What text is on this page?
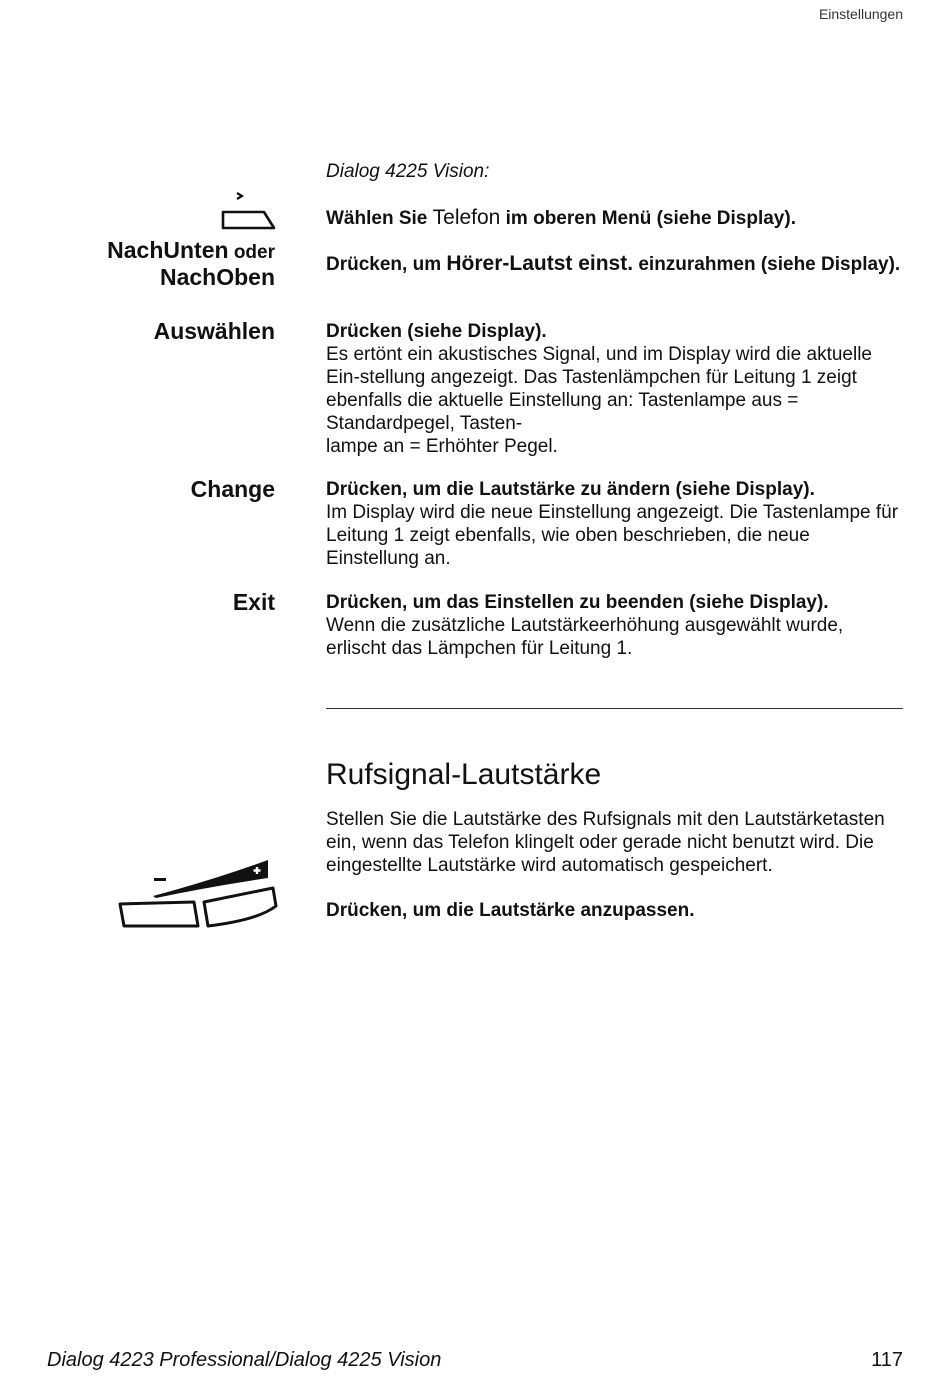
Einstellungen
Dialog 4225 Vision:
Wählen Sie Telefon im oberen Menü (siehe Display).
NachUnten oder
NachOben	Drücken, um Hörer-Lautst einst. einzurahmen (siehe Display).
Auswählen	Drücken (siehe Display).
Es ertönt ein akustisches Signal, und im Display wird die aktuelle Ein-stellung angezeigt. Das Tastenlämpchen für Leitung 1 zeigt ebenfalls die aktuelle Einstellung an: Tastenlampe aus = Standardpegel, Tasten-
lampe an = Erhöhter Pegel.
Change	Drücken, um die Lautstärke zu ändern (siehe Display).
Im Display wird die neue Einstellung angezeigt. Die Tastenlampe für Leitung 1 zeigt ebenfalls, wie oben beschrieben, die neue Einstellung an.
Exit	Drücken, um das Einstellen zu beenden (siehe Display).
Wenn die zusätzliche Lautstärkeerhöhung ausgewählt wurde, erlischt das Lämpchen für Leitung 1.
Rufsignal-Lautstärke
Stellen Sie die Lautstärke des Rufsignals mit den Lautstärketasten ein, wenn das Telefon klingelt oder gerade nicht benutzt wird. Die eingestellte Lautstärke wird automatisch gespeichert.
Drücken, um die Lautstärke anzupassen.
Dialog 4223 Professional/Dialog 4225 Vision	117
